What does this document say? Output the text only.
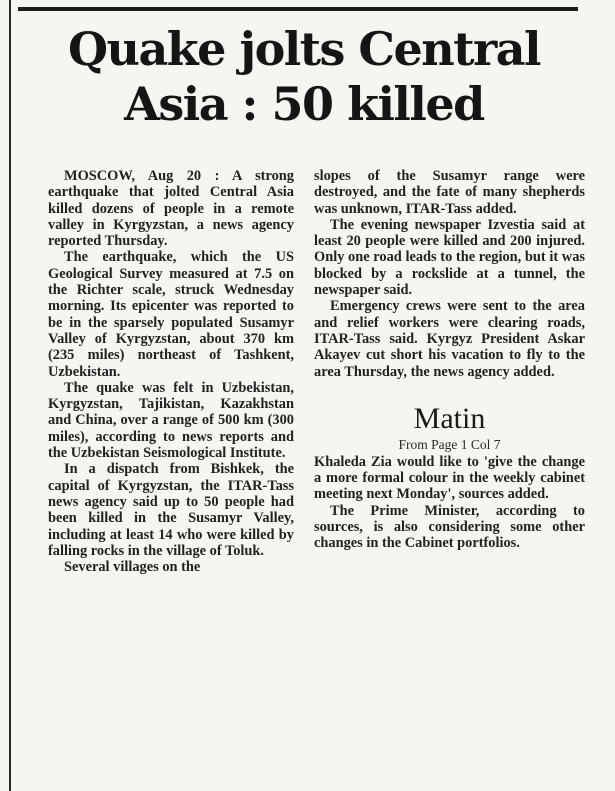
Quake jolts Central
Asia : 50 killed

MOSCOW, Aug 20 : A strong earthquake that jolted Central Asia killed dozens of people in a remote valley in Kyrgyzstan, a news agency reported Thursday.

The earthquake, which the US Geological Survey measured at 7.5 on the Richter scale, struck Wednesday morning. Its epicenter was reported to be in the sparsely populated Susamyr Valley of Kyrgyzstan, about 370 km (235 miles) northeast of Tashkent, Uzbekistan.

The quake was felt in Uzbekistan, Kyrgyzstan, Tajikistan, Kazakhstan and China, over a range of 500 km (300 miles), according to news reports and the Uzbekistan Seismological Institute.

In a dispatch from Bishkek, the capital of Kyrgyzstan, the ITAR-Tass news agency said up to 50 people had been killed in the Susamyr Valley, including at least 14 who were killed by falling rocks in the village of Toluk.

Several villages on the

slopes of the Susamyr range were destroyed, and the fate of many shepherds was unknown, ITAR-Tass added.

The evening newspaper Izvestia said at least 20 people were killed and 200 injured. Only one road leads to the region, but it was blocked by a rockslide at a tunnel, the newspaper said.

Emergency crews were sent to the area and relief workers were clearing roads, ITAR-Tass said. Kyrgyz President Askar Akayev cut short his vacation to fly to the area Thursday, the news agency added.

Matin
From Page 1 Col 7

Khaleda Zia would like to 'give the change a more formal colour in the weekly cabinet meeting next Monday', sources added.

The Prime Minister, according to sources, is also considering some other changes in the Cabinet portfolios.
